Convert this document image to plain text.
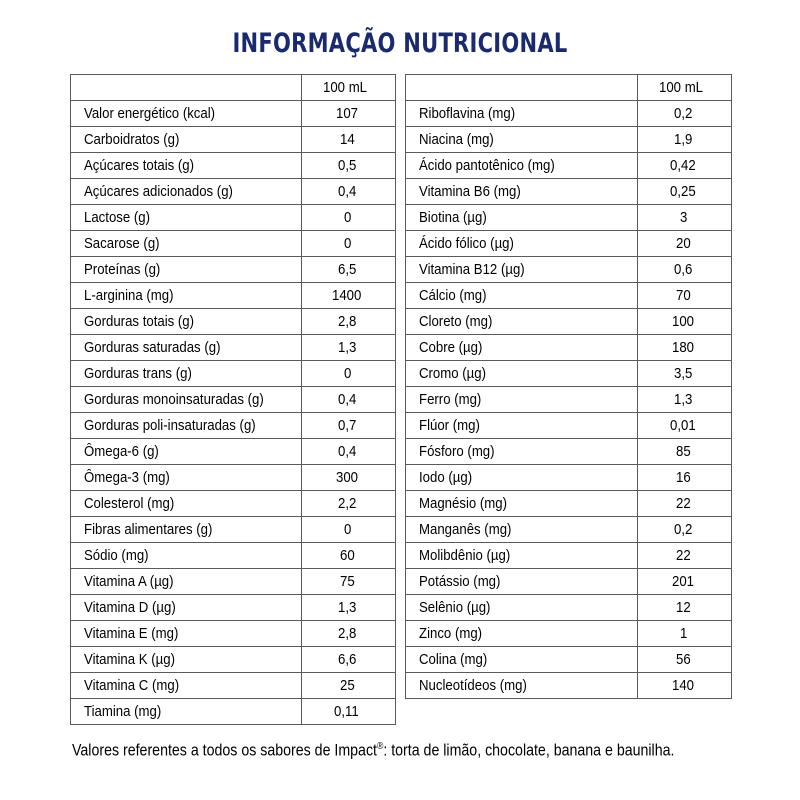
INFORMAÇÃO NUTRICIONAL
	100 mL
Valor energético (kcal)	107
Carboidratos (g)	14
Açúcares totais (g)	0,5
Açúcares adicionados (g)	0,4
Lactose (g)	0
Sacarose (g)	0
Proteínas (g)	6,5
L-arginina (mg)	1400
Gorduras totais (g)	2,8
Gorduras saturadas (g)	1,3
Gorduras trans (g)	0
Gorduras monoinsaturadas (g)	0,4
Gorduras poli-insaturadas (g)	0,7
Ômega-6 (g)	0,4
Ômega-3 (mg)	300
Colesterol (mg)	2,2
Fibras alimentares (g)	0
Sódio (mg)	60
Vitamina A (µg)	75
Vitamina D (µg)	1,3
Vitamina E (mg)	2,8
Vitamina K (µg)	6,6
Vitamina C (mg)	25
Tiamina (mg)	0,11
	100 mL
Riboflavina (mg)	0,2
Niacina (mg)	1,9
Ácido pantotênico (mg)	0,42
Vitamina B6 (mg)	0,25
Biotina (µg)	3
Ácido fólico (µg)	20
Vitamina B12 (µg)	0,6
Cálcio (mg)	70
Cloreto (mg)	100
Cobre (µg)	180
Cromo (µg)	3,5
Ferro (mg)	1,3
Flúor (mg)	0,01
Fósforo (mg)	85
Iodo (µg)	16
Magnésio (mg)	22
Manganês (mg)	0,2
Molibdênio (µg)	22
Potássio (mg)	201
Selênio (µg)	12
Zinco (mg)	1
Colina (mg)	56
Nucleotídeos (mg)	140
Valores referentes a todos os sabores de Impact®: torta de limão, chocolate, banana e baunilha.
